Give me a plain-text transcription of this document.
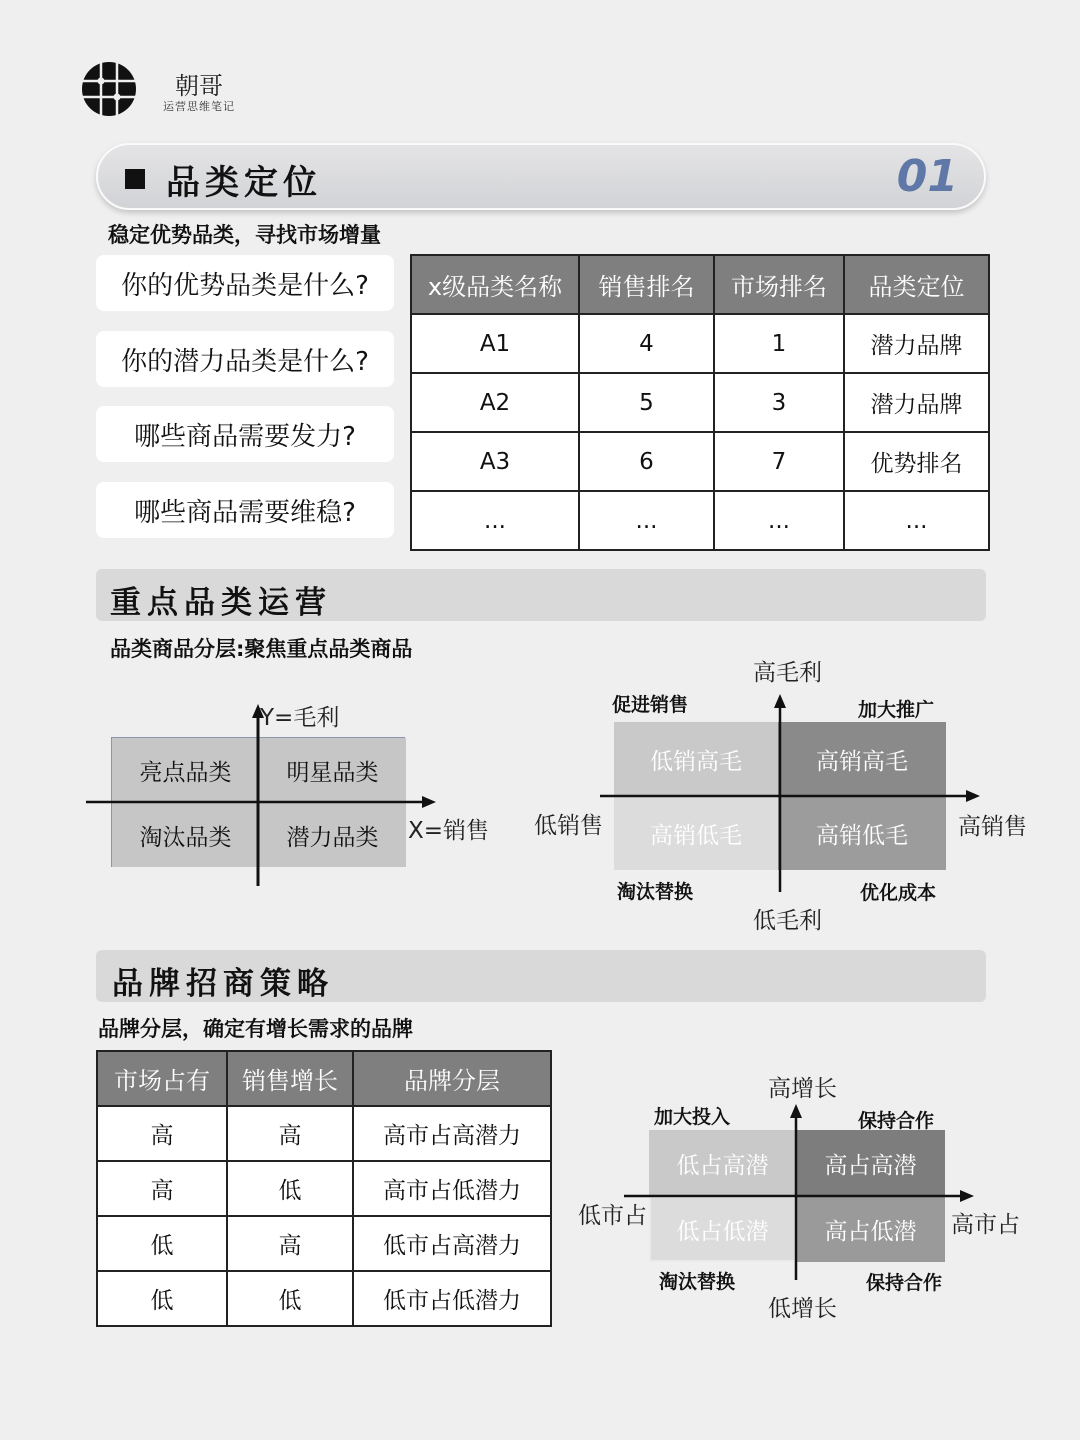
朝哥
运营思维笔记
品类定位	01
稳定优势品类，寻找市场增量
你的优势品类是什么?
你的潜力品类是什么?
哪些商品需要发力?
哪些商品需要维稳?
x级品类名称	销售排名	市场排名	品类定位
A1	4	1	潜力品牌
A2	5	3	潜力品牌
A3	6	7	优势排名
...	...	...	...
重点品类运营
品类商品分层:聚焦重点品类商品
亮点品类	明星品类
淘汰品类	潜力品类
Y=毛利
X=销售
低销高毛	高销高毛
高销低毛	高销低毛
高毛利
低毛利
低销售	高销售
促进销售	加大推广
淘汰替换	优化成本
品牌招商策略
品牌分层，确定有增长需求的品牌
市场占有	销售增长	品牌分层
高	高	高市占高潜力
高	低	高市占低潜力
低	高	低市占高潜力
低	低	低市占低潜力
低占高潜	高占高潜
低占低潜	高占低潜
高增长
低增长
低市占	高市占
加大投入	保持合作
淘汰替换	保持合作
